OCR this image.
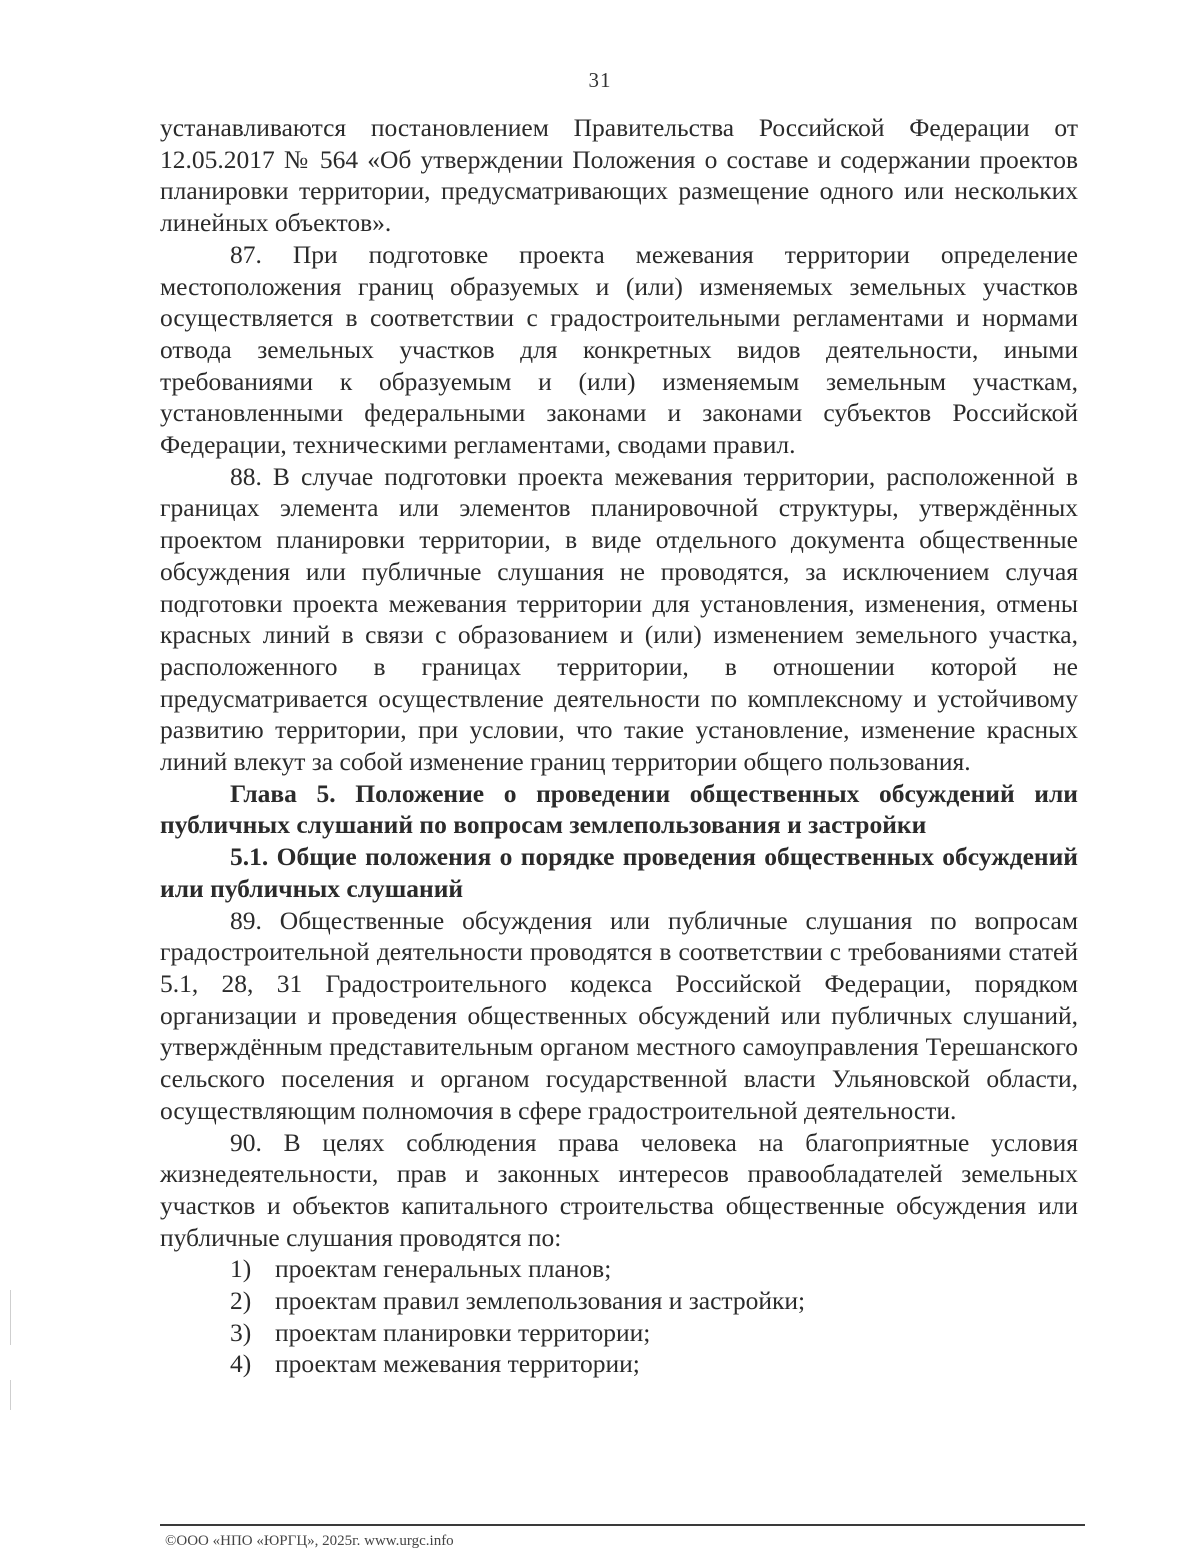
31

устанавливаются постановлением Правительства Российской Федерации от 12.05.2017 № 564 «Об утверждении Положения о составе и содержании проектов планировки территории, предусматривающих размещение одного или нескольких линейных объектов».

87. При подготовке проекта межевания территории определение местоположения границ образуемых и (или) изменяемых земельных участков осуществляется в соответствии с градостроительными регламентами и нормами отвода земельных участков для конкретных видов деятельности, иными требованиями к образуемым и (или) изменяемым земельным участкам, установленными федеральными законами и законами субъектов Российской Федерации, техническими регламентами, сводами правил.

88. В случае подготовки проекта межевания территории, расположенной в границах элемента или элементов планировочной структуры, утверждённых проектом планировки территории, в виде отдельного документа общественные обсуждения или публичные слушания не проводятся, за исключением случая подготовки проекта межевания территории для установления, изменения, отмены красных линий в связи с образованием и (или) изменением земельного участка, расположенного в границах территории, в отношении которой не предусматривается осуществление деятельности по комплексному и устойчивому развитию территории, при условии, что такие установление, изменение красных линий влекут за собой изменение границ территории общего пользования.

Глава 5. Положение о проведении общественных обсуждений или публичных слушаний по вопросам землепользования и застройки

5.1. Общие положения о порядке проведения общественных обсуждений или публичных слушаний

89. Общественные обсуждения или публичные слушания по вопросам градостроительной деятельности проводятся в соответствии с требованиями статей 5.1, 28, 31 Градостроительного кодекса Российской Федерации, порядком организации и проведения общественных обсуждений или публичных слушаний, утверждённым представительным органом местного самоуправления Терешанского сельского поселения и органом государственной власти Ульяновской области, осуществляющим полномочия в сфере градостроительной деятельности.

90. В целях соблюдения права человека на благоприятные условия жизнедеятельности, прав и законных интересов правообладателей земельных участков и объектов капитального строительства общественные обсуждения или публичные слушания проводятся по:

1) проектам генеральных планов;
2) проектам правил землепользования и застройки;
3) проектам планировки территории;
4) проектам межевания территории;
©ООО «НПО «ЮРГЦ», 2025г. www.urgc.info
